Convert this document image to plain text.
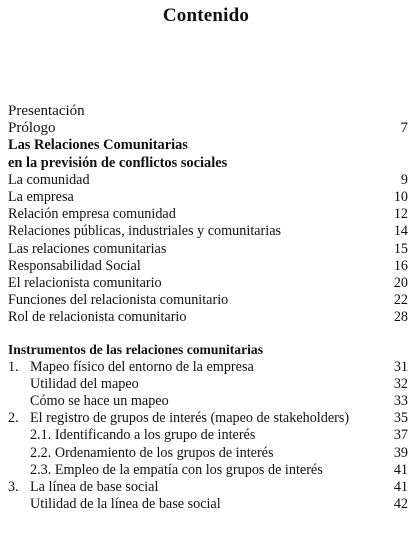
Contenido
Presentación
Prólogo	7
Las Relaciones Comunitarias
en la previsión de conflictos sociales
La comunidad	9
La empresa	10
Relación empresa comunidad	12
Relaciones públicas, industriales y comunitarias	14
Las relaciones comunitarias	15
Responsabilidad Social	16
El relacionista comunitario	20
Funciones del relacionista comunitario	22
Rol de relacionista comunitario	28
Instrumentos de las relaciones comunitarias
1. Mapeo físico del entorno de la empresa	31
Utilidad del mapeo	32
Cómo se hace un mapeo	33
2. El registro de grupos de interés (mapeo de stakeholders)	35
2.1. Identificando a los grupo de interés	37
2.2. Ordenamiento de los grupos de interés	39
2.3. Empleo de la empatía con los grupos de interés	41
3. La línea de base social	41
Utilidad de la línea de base social	42
